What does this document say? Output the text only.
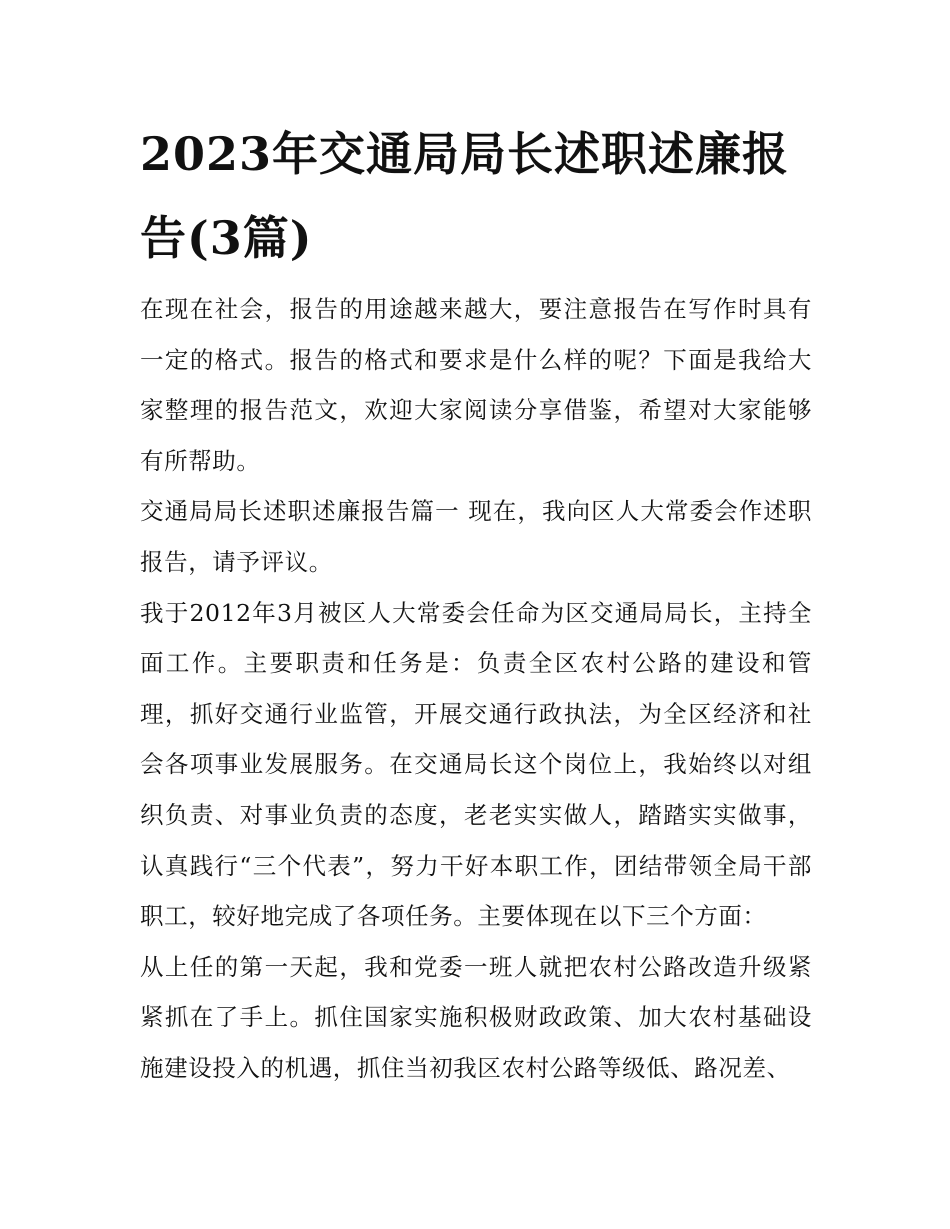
2023年交通局局长述职述廉报告(3篇)

在现在社会，报告的用途越来越大，要注意报告在写作时具有一定的格式。报告的格式和要求是什么样的呢？下面是我给大家整理的报告范文，欢迎大家阅读分享借鉴，希望对大家能够有所帮助。

交通局局长述职述廉报告篇一 现在，我向区人大常委会作述职报告，请予评议。

我于2012年3月被区人大常委会任命为区交通局局长，主持全面工作。主要职责和任务是：负责全区农村公路的建设和管理，抓好交通行业监管，开展交通行政执法，为全区经济和社会各项事业发展服务。在交通局长这个岗位上，我始终以对组织负责、对事业负责的态度，老老实实做人，踏踏实实做事，认真践行“三个代表”，努力干好本职工作，团结带领全局干部职工，较好地完成了各项任务。主要体现在以下三个方面：

从上任的第一天起，我和党委一班人就把农村公路改造升级紧紧抓在了手上。抓住国家实施积极财政政策、加大农村基础设施建设投入的机遇，抓住当初我区农村公路等级低、路况差、
